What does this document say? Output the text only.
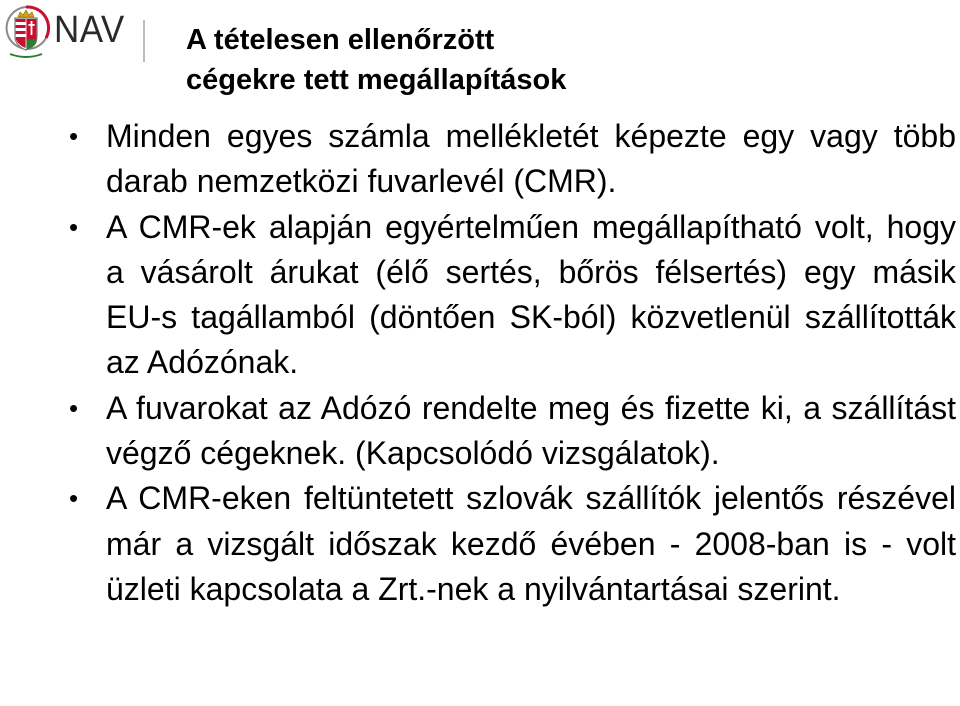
NAV A tételesen ellenőrzött cégekre tett megállapítások
• Minden egyes számla mellékletét képezte egy vagy több darab nemzetközi fuvarlevél (CMR).
• A CMR-ek alapján egyértelműen megállapítható volt, hogy a vásárolt árukat (élő sertés, bőrös félsertés) egy másik EU-s tagállamból (döntően SK-ból) közvetlenül szállították az Adózónak.
• A fuvarokat az Adózó rendelte meg és fizette ki, a szállítást végző cégeknek. (Kapcsolódó vizsgálatok).
• A CMR-eken feltüntetett szlovák szállítók jelentős részével már a vizsgált időszak kezdő évében - 2008-ban is - volt üzleti kapcsolata a Zrt.-nek a nyilvántartásai szerint.
